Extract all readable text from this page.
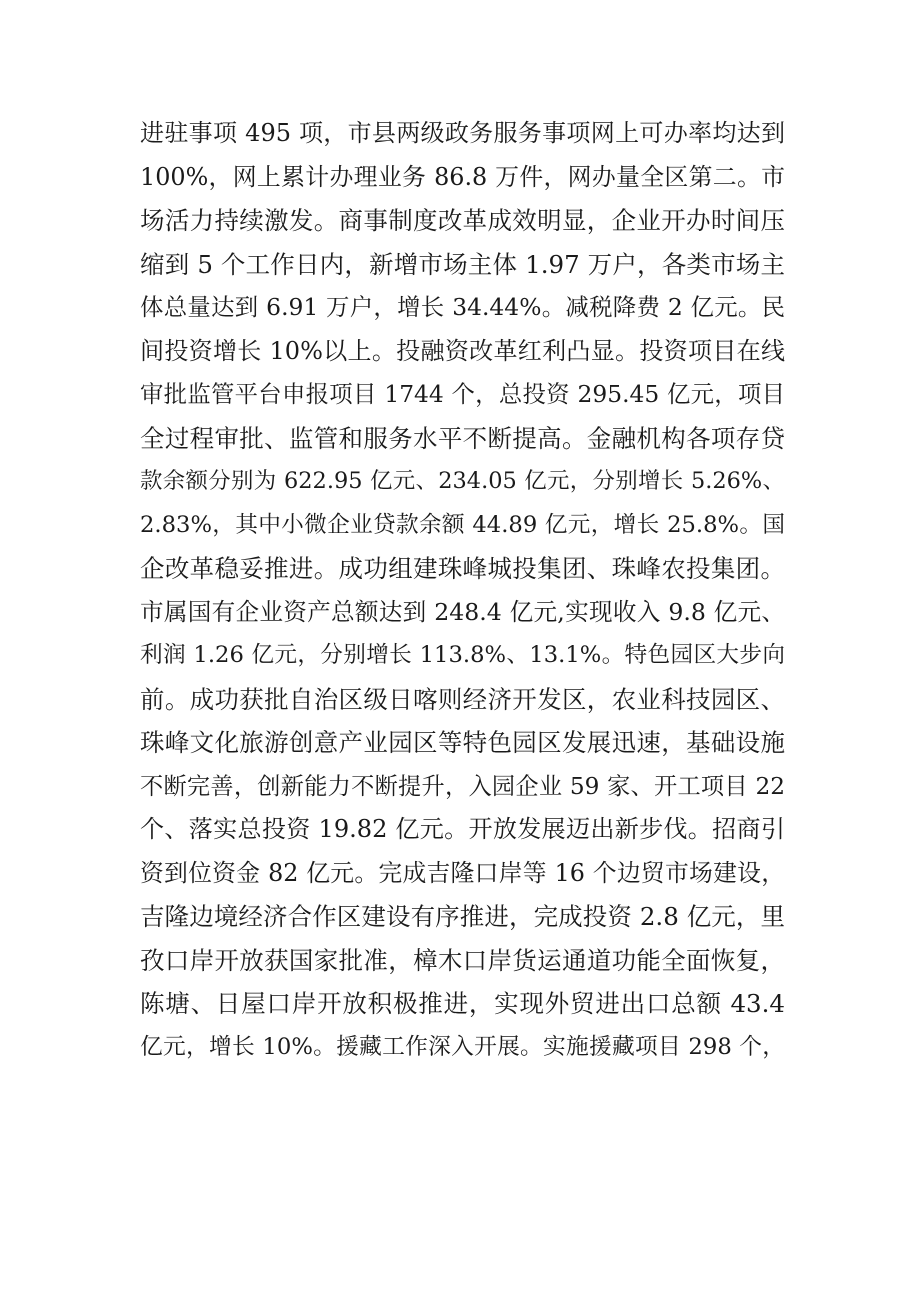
进驻事项 495 项，市县两级政务服务事项网上可办率均达到
100%，网上累计办理业务 86.8 万件，网办量全区第二。市
场活力持续激发。商事制度改革成效明显，企业开办时间压
缩到 5 个工作日内，新增市场主体 1.97 万户，各类市场主
体总量达到 6.91 万户，增长 34.44%。减税降费 2 亿元。民
间投资增长 10%以上。投融资改革红利凸显。投资项目在线
审批监管平台申报项目 1744 个，总投资 295.45 亿元，项目
全过程审批、监管和服务水平不断提高。金融机构各项存贷
款余额分别为 622.95 亿元、234.05 亿元，分别增长 5.26%、
2.83%，其中小微企业贷款余额 44.89 亿元，增长 25.8%。国
企改革稳妥推进。成功组建珠峰城投集团、珠峰农投集团。
市属国有企业资产总额达到 248.4 亿元,实现收入 9.8 亿元、
利润 1.26 亿元，分别增长 113.8%、13.1%。特色园区大步向
前。成功获批自治区级日喀则经济开发区，农业科技园区、
珠峰文化旅游创意产业园区等特色园区发展迅速，基础设施
不断完善，创新能力不断提升，入园企业 59 家、开工项目 22
个、落实总投资 19.82 亿元。开放发展迈出新步伐。招商引
资到位资金 82 亿元。完成吉隆口岸等 16 个边贸市场建设，
吉隆边境经济合作区建设有序推进，完成投资 2.8 亿元，里
孜口岸开放获国家批准，樟木口岸货运通道功能全面恢复，
陈塘、日屋口岸开放积极推进，实现外贸进出口总额 43.4
亿元，增长 10%。援藏工作深入开展。实施援藏项目 298 个，
